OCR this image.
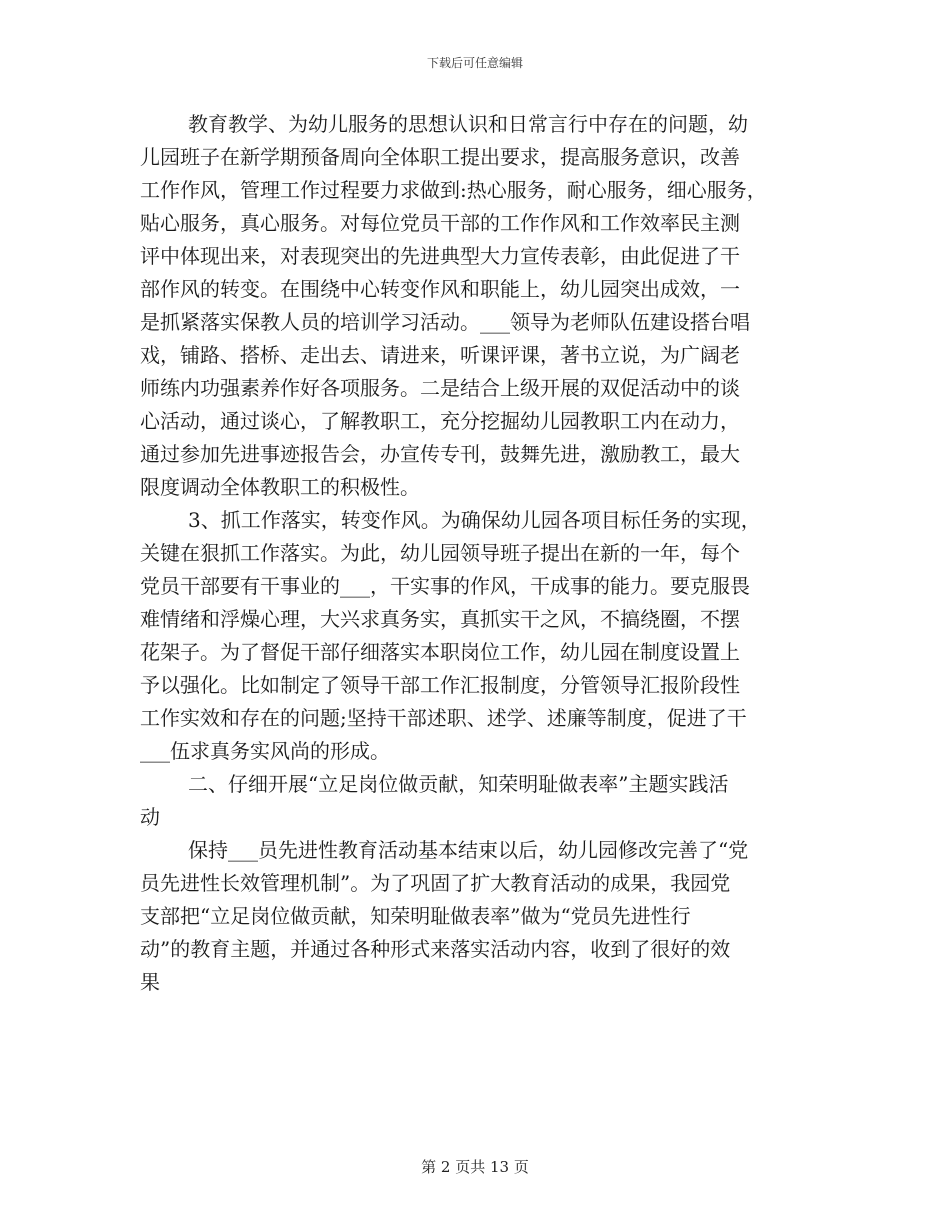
下载后可任意编辑
教育教学、为幼儿服务的思想认识和日常言行中存在的问题，幼
儿园班子在新学期预备周向全体职工提出要求，提高服务意识，改善
工作作风，管理工作过程要力求做到:热心服务，耐心服务，细心服务，
贴心服务，真心服务。对每位党员干部的工作作风和工作效率民主测
评中体现出来，对表现突出的先进典型大力宣传表彰，由此促进了干
部作风的转变。在围绕中心转变作风和职能上，幼儿园突出成效，一
是抓紧落实保教人员的培训学习活动。___领导为老师队伍建设搭台唱
戏，铺路、搭桥、走出去、请进来，听课评课，著书立说，为广阔老
师练内功强素养作好各项服务。二是结合上级开展的双促活动中的谈
心活动，通过谈心，了解教职工，充分挖掘幼儿园教职工内在动力，
通过参加先进事迹报告会，办宣传专刊，鼓舞先进，激励教工，最大
限度调动全体教职工的积极性。
3、抓工作落实，转变作风。为确保幼儿园各项目标任务的实现，
关键在狠抓工作落实。为此，幼儿园领导班子提出在新的一年，每个
党员干部要有干事业的___，干实事的作风，干成事的能力。要克服畏
难情绪和浮燥心理，大兴求真务实，真抓实干之风，不搞绕圈，不摆
花架子。为了督促干部仔细落实本职岗位工作，幼儿园在制度设置上
予以强化。比如制定了领导干部工作汇报制度，分管领导汇报阶段性
工作实效和存在的问题;坚持干部述职、述学、述廉等制度，促进了干
___伍求真务实风尚的形成。
二、仔细开展“立足岗位做贡献，知荣明耻做表率”主题实践活
动
保持___员先进性教育活动基本结束以后，幼儿园修改完善了“党
员先进性长效管理机制”。为了巩固了扩大教育活动的成果，我园党
支部把“立足岗位做贡献，知荣明耻做表率”做为“党员先进性行
动”的教育主题，并通过各种形式来落实活动内容，收到了很好的效
果
第 2 页共 13 页
